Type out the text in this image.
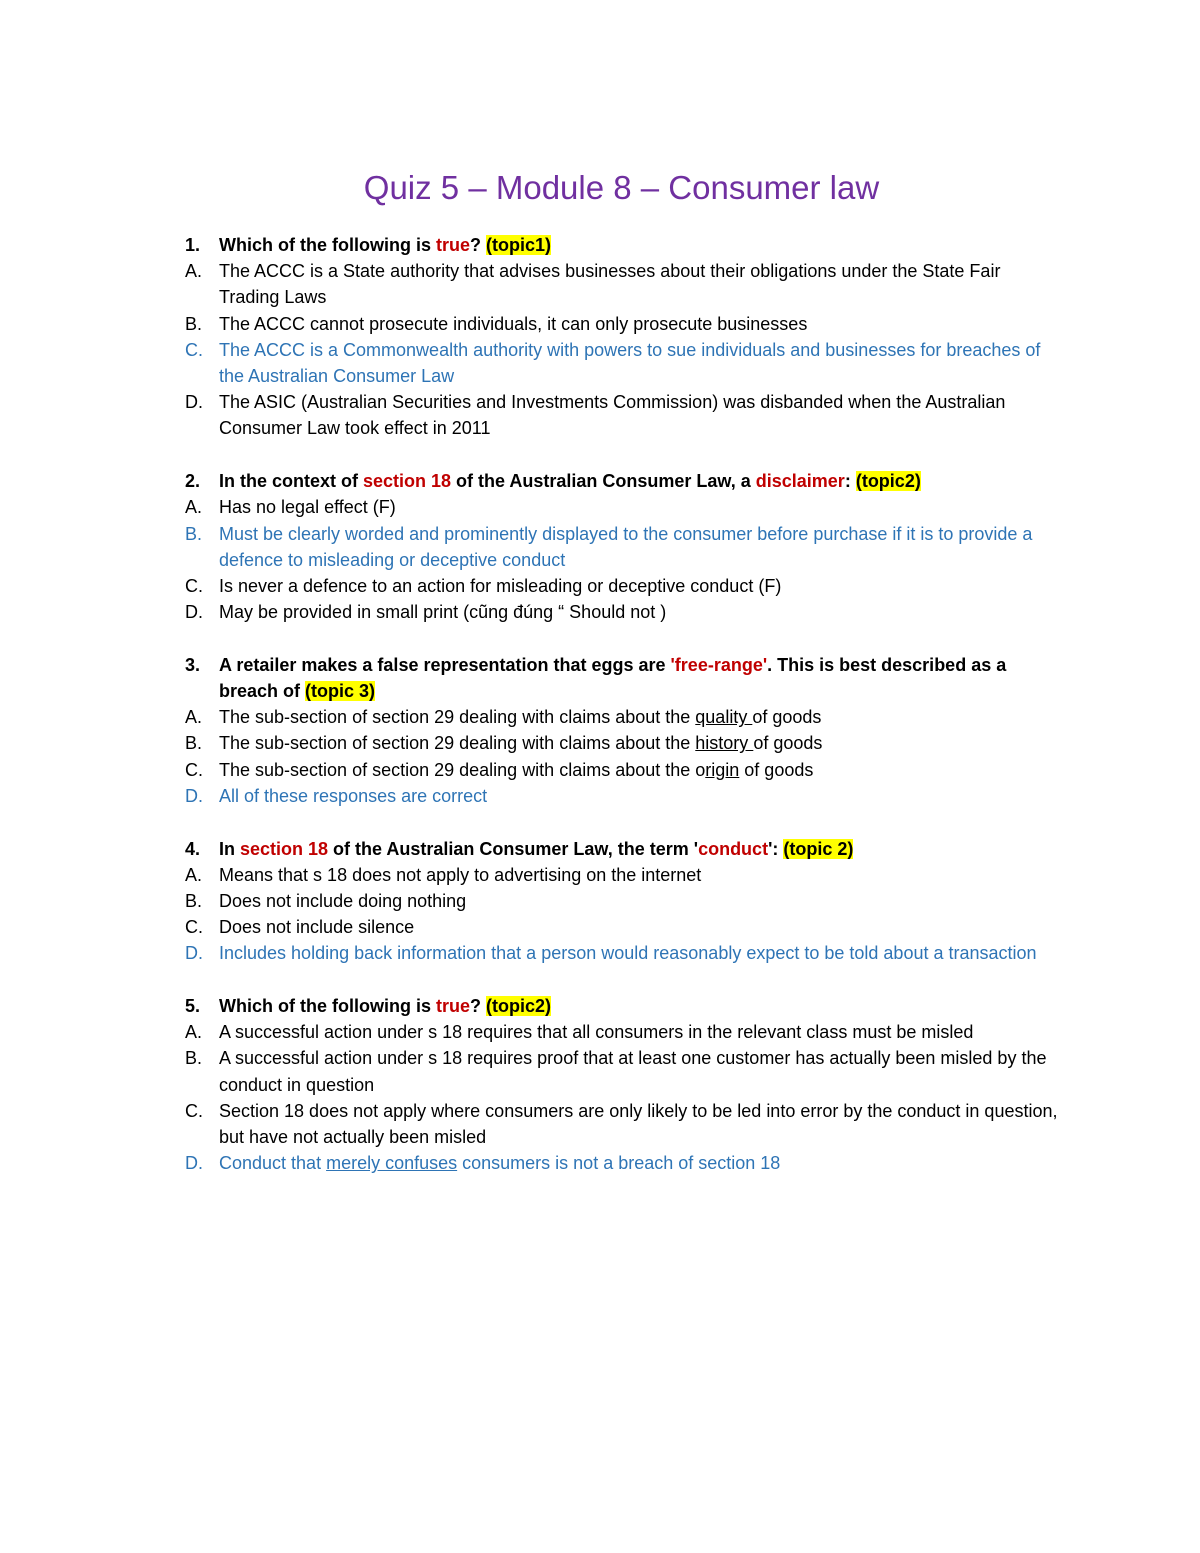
Quiz 5 – Module 8 – Consumer law
1. Which of the following is true? (topic1)
A. The ACCC is a State authority that advises businesses about their obligations under the State Fair Trading Laws
B. The ACCC cannot prosecute individuals, it can only prosecute businesses
C. The ACCC is a Commonwealth authority with powers to sue individuals and businesses for breaches of the Australian Consumer Law
D. The ASIC (Australian Securities and Investments Commission) was disbanded when the Australian Consumer Law took effect in 2011
2. In the context of section 18 of the Australian Consumer Law, a disclaimer: (topic2)
A. Has no legal effect (F)
B. Must be clearly worded and prominently displayed to the consumer before purchase if it is to provide a defence to misleading or deceptive conduct
C. Is never a defence to an action for misleading or deceptive conduct (F)
D. May be provided in small print (cũng đúng “ Should not )
3. A retailer makes a false representation that eggs are 'free-range'. This is best described as a breach of (topic 3)
A. The sub-section of section 29 dealing with claims about the quality of goods
B. The sub-section of section 29 dealing with claims about the history of goods
C. The sub-section of section 29 dealing with claims about the origin of goods
D. All of these responses are correct
4. In section 18 of the Australian Consumer Law, the term 'conduct': (topic 2)
A. Means that s 18 does not apply to advertising on the internet
B. Does not include doing nothing
C. Does not include silence
D. Includes holding back information that a person would reasonably expect to be told about a transaction
5. Which of the following is true? (topic2)
A. A successful action under s 18 requires that all consumers in the relevant class must be misled
B. A successful action under s 18 requires proof that at least one customer has actually been misled by the conduct in question
C. Section 18 does not apply where consumers are only likely to be led into error by the conduct in question, but have not actually been misled
D. Conduct that merely confuses consumers is not a breach of section 18
